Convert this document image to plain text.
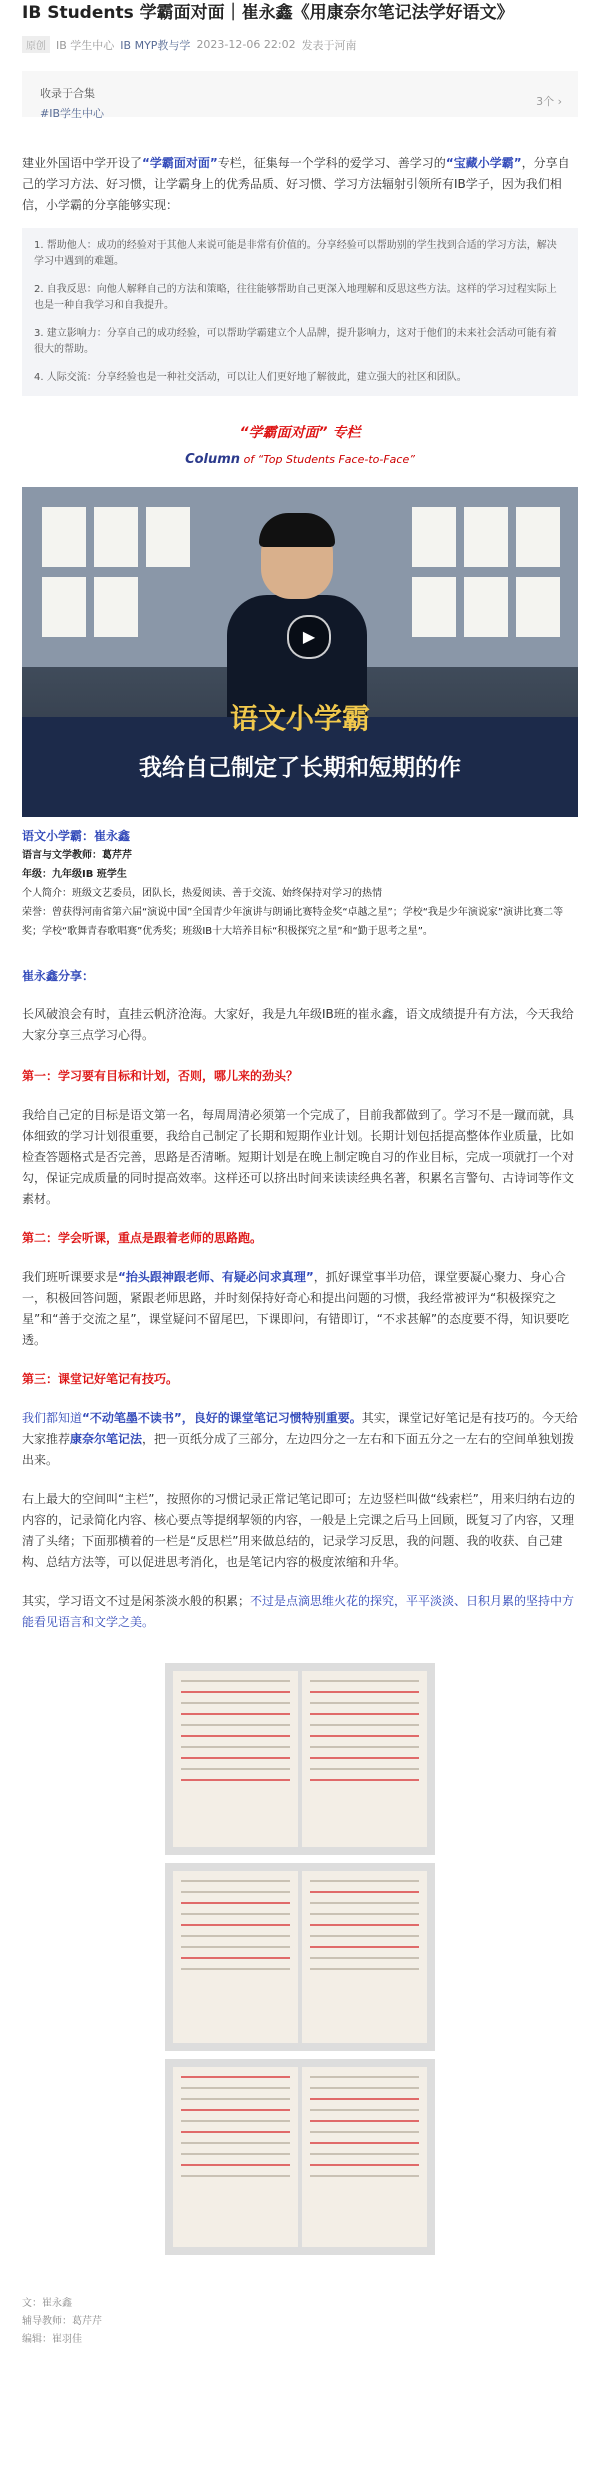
IB Students 学霸面对面｜崔永鑫《用康奈尔笔记法学好语文》
原创 IB 学生中心 IB MYP教与学 2023-12-06 22:02 发表于河南
收录于合集
#IB学生中心
3个 ›

建业外国语中学开设了“学霸面对面”专栏，征集每一个学科的爱学习、善学习的“宝藏小学霸”，分享自己的学习方法、好习惯，让学霸身上的优秀品质、好习惯、学习方法辐射引领所有IB学子，因为我们相信，小学霸的分享能够实现：

1. 帮助他人：成功的经验对于其他人来说可能是非常有价值的。分享经验可以帮助别的学生找到合适的学习方法，解决学习中遇到的难题。
2. 自我反思：向他人解释自己的方法和策略，往往能够帮助自己更深入地理解和反思这些方法。这样的学习过程实际上也是一种自我学习和自我提升。
3. 建立影响力：分享自己的成功经验，可以帮助学霸建立个人品牌，提升影响力，这对于他们的未来社会活动可能有着很大的帮助。
4. 人际交流：分享经验也是一种社交活动，可以让人们更好地了解彼此，建立强大的社区和团队。
“学霸面对面” 专栏
Column of “Top Students Face-to-Face”
▶
语文小学霸
我给自己制定了长期和短期的作
语文小学霸：崔永鑫
语言与文学教师：葛芹芹
年级：九年级IB 班学生
个人简介：班级文艺委员，团队长，热爱阅读、善于交流、始终保持对学习的热情
荣誉：曾获得河南省第六届“演说中国”全国青少年演讲与朗诵比赛特金奖“卓越之星”；学校“我是少年演说家”演讲比赛二等奖；学校“歌舞青春歌唱赛”优秀奖；班级IB十大培养目标“积极探究之星”和“勤于思考之星”。
崔永鑫分享：

长风破浪会有时，直挂云帆济沧海。大家好，我是九年级IB班的崔永鑫，语文成绩提升有方法，今天我给大家分享三点学习心得。

第一：学习要有目标和计划，否则，哪儿来的劲头？

我给自己定的目标是语文第一名，每周周清必须第一个完成了，目前我都做到了。学习不是一蹴而就，具体细致的学习计划很重要，我给自己制定了长期和短期作业计划。长期计划包括提高整体作业质量，比如检查答题格式是否完善，思路是否清晰。短期计划是在晚上制定晚自习的作业目标，完成一项就打一个对勾，保证完成质量的同时提高效率。这样还可以挤出时间来读读经典名著，积累名言警句、古诗词等作文素材。

第二：学会听课，重点是跟着老师的思路跑。

我们班听课要求是“抬头跟神跟老师、有疑必问求真理”，抓好课堂事半功倍，课堂要凝心聚力、身心合一，积极回答问题，紧跟老师思路，并时刻保持好奇心和提出问题的习惯，我经常被评为“积极探究之星”和“善于交流之星”，课堂疑问不留尾巴，下课即问，有错即订，“不求甚解”的态度要不得，知识要吃透。

第三：课堂记好笔记有技巧。

我们都知道“不动笔墨不读书”，良好的课堂笔记习惯特别重要。其实，课堂记好笔记是有技巧的。今天给大家推荐康奈尔笔记法，把一页纸分成了三部分，左边四分之一左右和下面五分之一左右的空间单独划拨出来。

右上最大的空间叫“主栏”，按照你的习惯记录正常记笔记即可；左边竖栏叫做“线索栏”，用来归纳右边的内容的，记录简化内容、核心要点等提纲挈领的内容，一般是上完课之后马上回顾，既复习了内容，又理清了头绪；下面那横着的一栏是“反思栏”用来做总结的，记录学习反思，我的问题、我的收获、自己建构、总结方法等，可以促进思考消化，也是笔记内容的极度浓缩和升华。

其实，学习语文不过是闲茶淡水般的积累；不过是点滴思维火花的探究，平平淡淡、日积月累的坚持中方能看见语言和文学之美。

文：崔永鑫
辅导教师：葛芹芹
编辑：崔羽佳
